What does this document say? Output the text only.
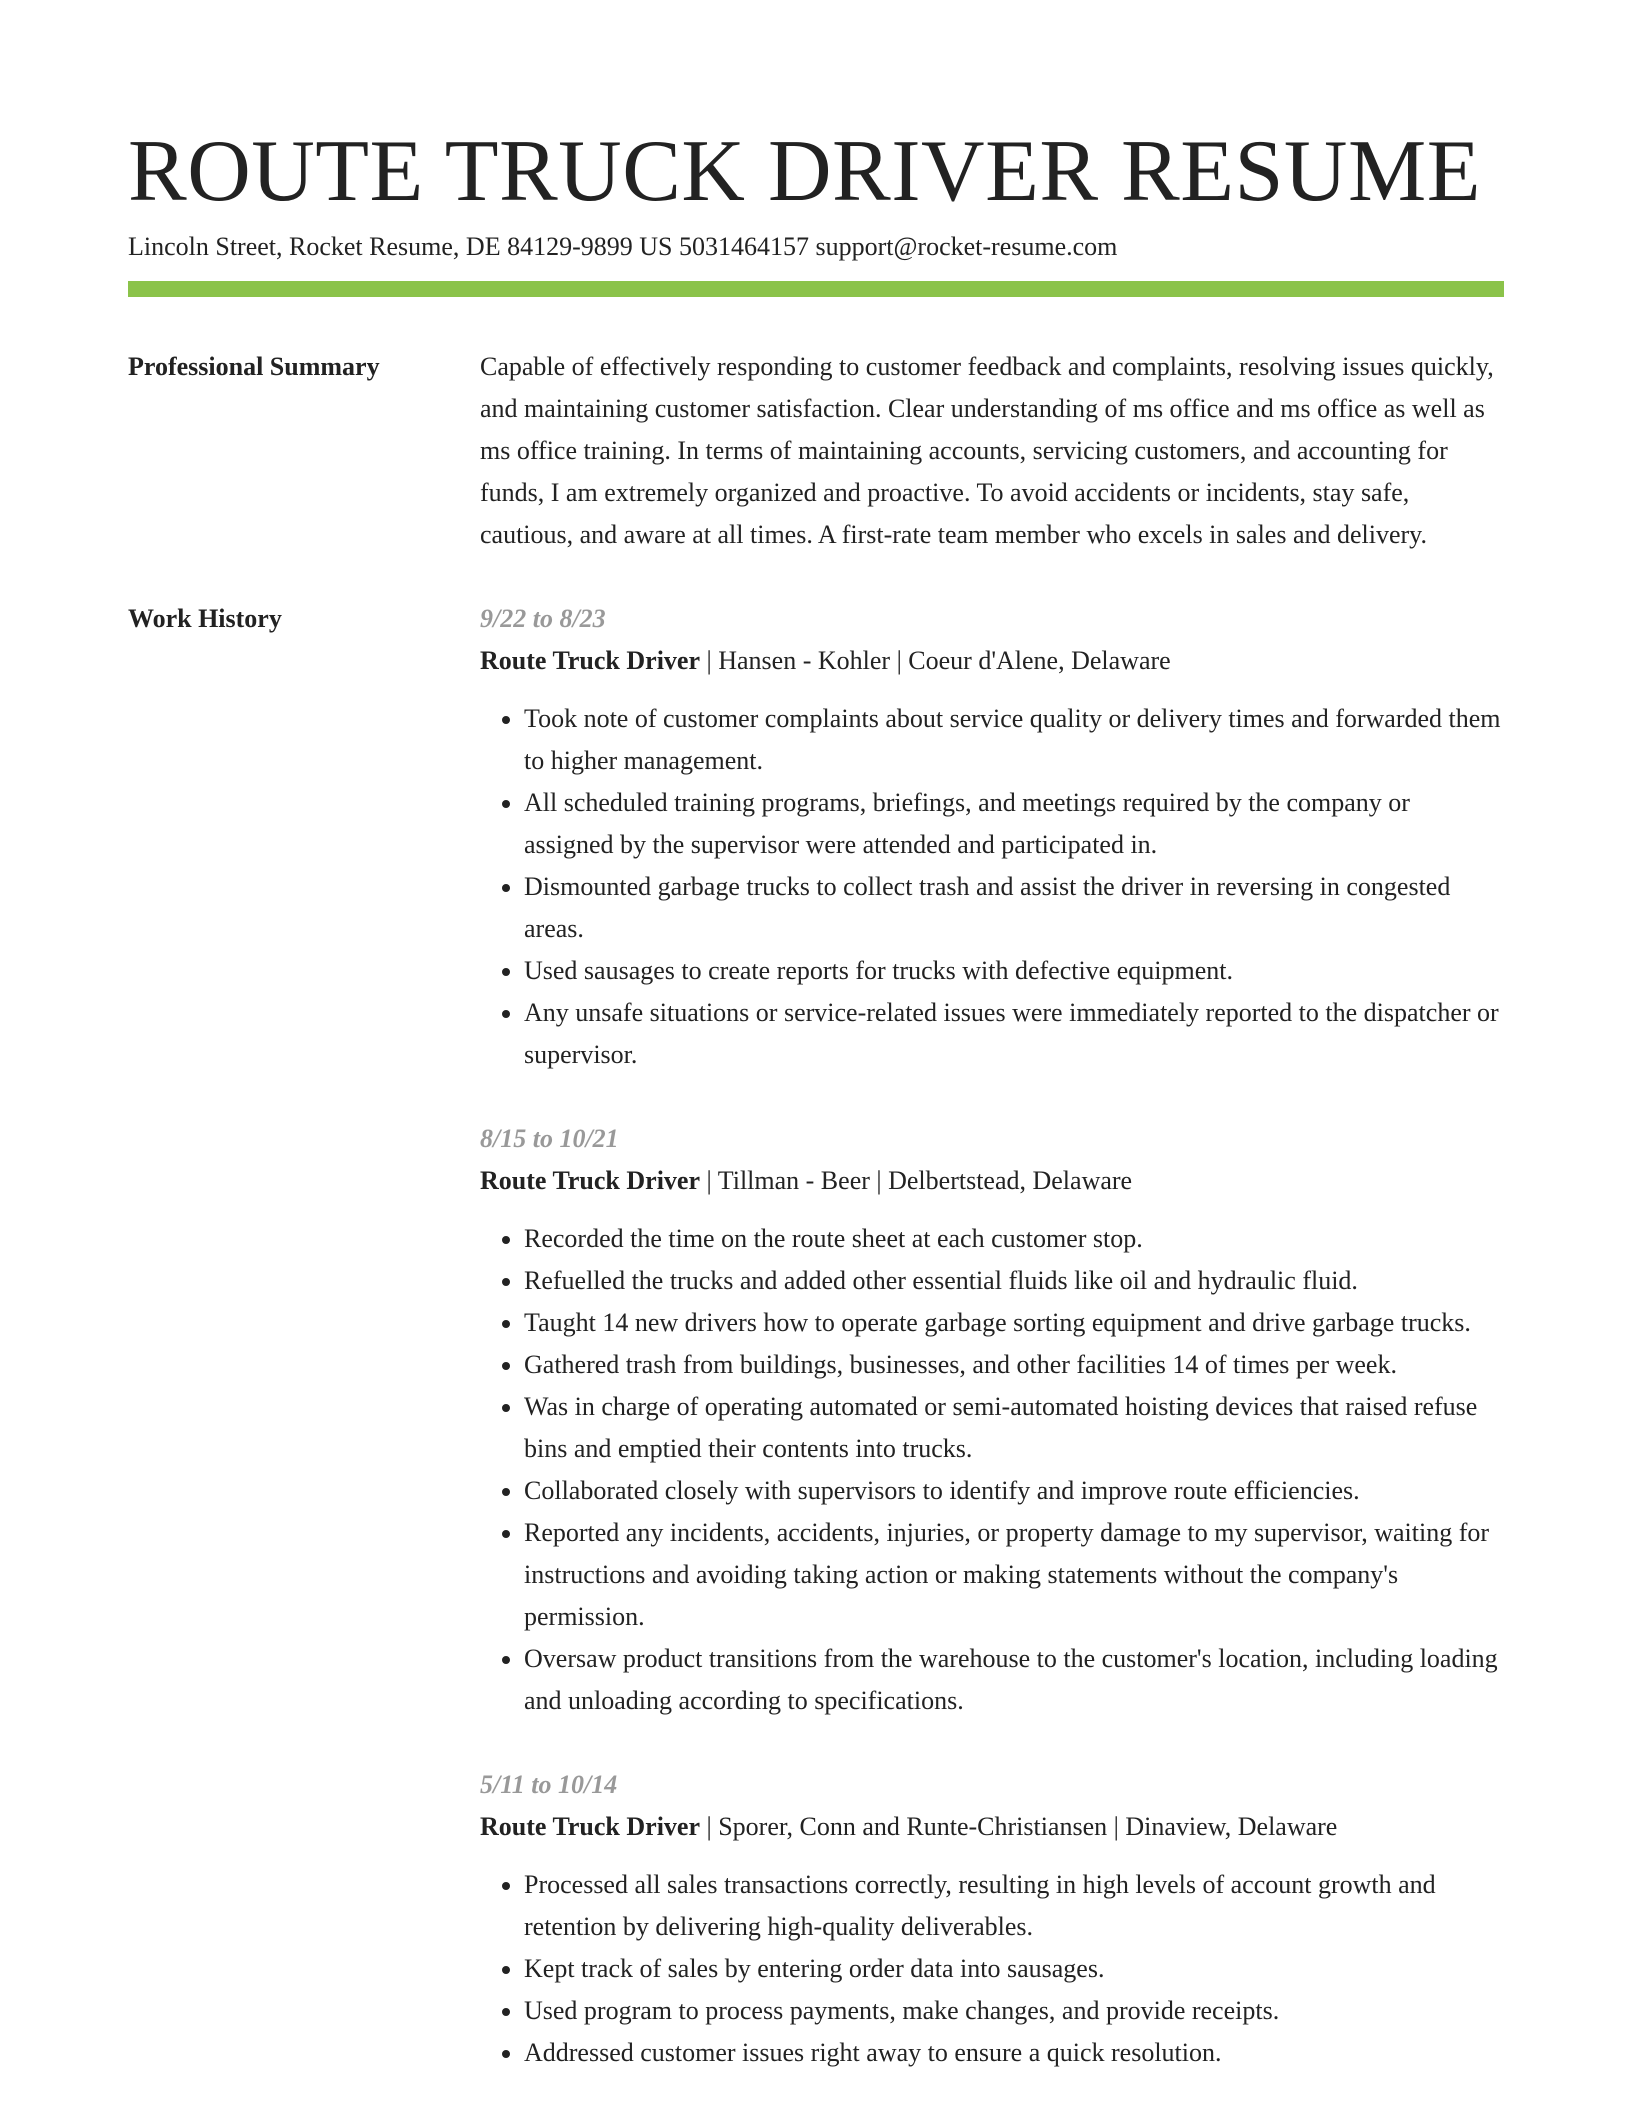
ROUTE TRUCK DRIVER RESUME
Lincoln Street, Rocket Resume, DE 84129-9899 US 5031464157 support@rocket-resume.com
Professional Summary	Capable of effectively responding to customer feedback and complaints, resolving issues quickly, and maintaining customer satisfaction. Clear understanding of ms office and ms office as well as ms office training. In terms of maintaining accounts, servicing customers, and accounting for funds, I am extremely organized and proactive. To avoid accidents or incidents, stay safe, cautious, and aware at all times. A first-rate team member who excels in sales and delivery.
Work History	9/22 to 8/23
Route Truck Driver | Hansen - Kohler | Coeur d'Alene, Delaware
• Took note of customer complaints about service quality or delivery times and forwarded them to higher management.
• All scheduled training programs, briefings, and meetings required by the company or assigned by the supervisor were attended and participated in.
• Dismounted garbage trucks to collect trash and assist the driver in reversing in congested areas.
• Used sausages to create reports for trucks with defective equipment.
• Any unsafe situations or service-related issues were immediately reported to the dispatcher or supervisor.
8/15 to 10/21
Route Truck Driver | Tillman - Beer | Delbertstead, Delaware
• Recorded the time on the route sheet at each customer stop.
• Refuelled the trucks and added other essential fluids like oil and hydraulic fluid.
• Taught 14 new drivers how to operate garbage sorting equipment and drive garbage trucks.
• Gathered trash from buildings, businesses, and other facilities 14 of times per week.
• Was in charge of operating automated or semi-automated hoisting devices that raised refuse bins and emptied their contents into trucks.
• Collaborated closely with supervisors to identify and improve route efficiencies.
• Reported any incidents, accidents, injuries, or property damage to my supervisor, waiting for instructions and avoiding taking action or making statements without the company's permission.
• Oversaw product transitions from the warehouse to the customer's location, including loading and unloading according to specifications.
5/11 to 10/14
Route Truck Driver | Sporer, Conn and Runte-Christiansen | Dinaview, Delaware
• Processed all sales transactions correctly, resulting in high levels of account growth and retention by delivering high-quality deliverables.
• Kept track of sales by entering order data into sausages.
• Used program to process payments, make changes, and provide receipts.
• Addressed customer issues right away to ensure a quick resolution.
